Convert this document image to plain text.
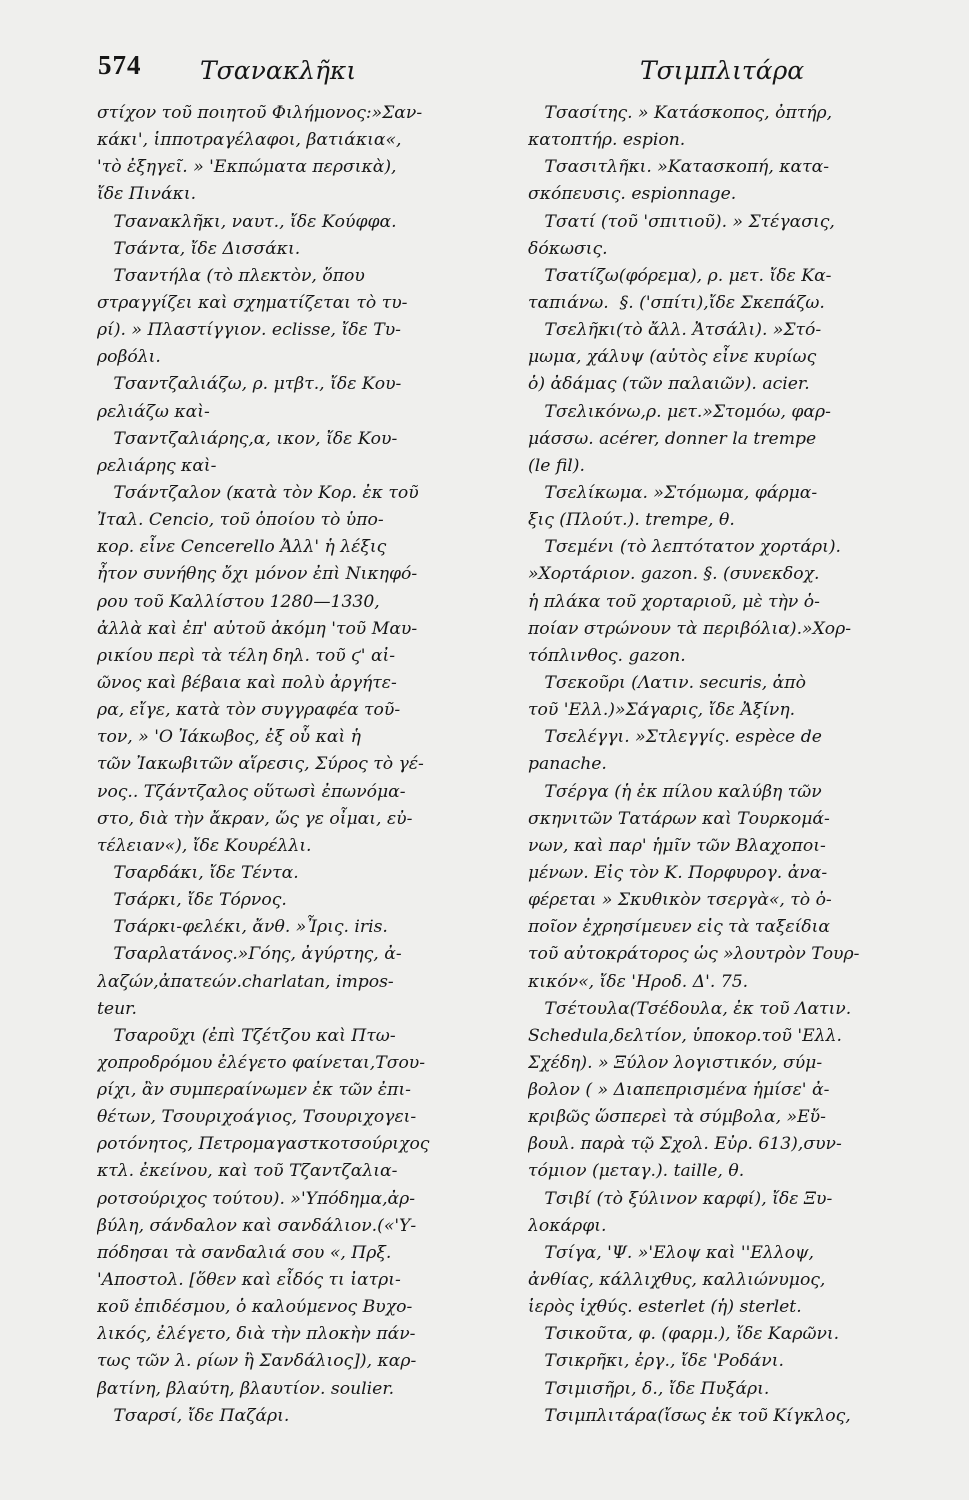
574 Τσανακλῆκι	Τσιμπλιτάρα
στίχον τοῦ ποιητοῦ Φιλήμονος:»Σαν-
κάκι', ἱπποτραγέλαφοι, βατιάκια«,
'τὸ ἐξηγεῖ. » 'Εκπώματα περσικὰ),
ἴδε Πινάκι.
Τσανακλῆκι, ναυτ., ἴδε Κούφφα.
Τσάντα, ἴδε Δισσάκι.
Τσαντήλα (τὸ πλεκτὸν, ὅπου
στραγγίζει καὶ σχηματίζεται τὸ τυ-
ρί). » Πλαστίγγιον. eclisse, ἴδε Τυ-
ροβόλι.
Τσαντζαλιάζω, ρ. μτβτ., ἴδε Κου-
ρελιάζω καὶ-
Τσαντζαλιάρης,α, ικον, ἴδε Κου-
ρελιάρης καὶ-
Τσάντζαλον (κατὰ τὸν Κορ. ἐκ τοῦ
Ἰταλ. Cencio, τοῦ ὁποίου τὸ ὑπο-
κορ. εἶνε Cencerello Ἀλλ' ἡ λέξις
ἦτον συνήθης ὄχι μόνον ἐπὶ Νικηφό-
ρου τοῦ Καλλίστου 1280—1330,
ἀλλὰ καὶ ἐπ' αὐτοῦ ἀκόμη 'τοῦ Μαυ-
ρικίου περὶ τὰ τέλη δηλ. τοῦ ϛ' αἰ-
ῶνος καὶ βέβαια καὶ πολὺ ἀργήτε-
ρα, εἴγε, κατὰ τὸν συγγραφέα τοῦ-
τον, » 'Ο Ἰάκωβος, ἐξ οὗ καὶ ἡ
τῶν Ἰακωβιτῶν αἵρεσις, Σύρος τὸ γέ-
νος.. Τζάντζαλος οὕτωσὶ ἐπωνόμα-
στο, διὰ τὴν ἄκραν, ὥς γε οἶμαι, εὐ-
τέλειαν«), ἴδε Κουρέλλι.
Τσαρδάκι, ἴδε Τέντα.
Τσάρκι, ἴδε Τόρνος.
Τσάρκι-φελέκι, ἄνθ. »Ἶρις. iris.
Τσαρλατάνος.»Γόης, ἀγύρτης, ἀ-
λαζών,ἀπατεών.charlatan, impos-
teur.
Τσαροῦχι (ἐπὶ Τζέτζου καὶ Πτω-
χοπροδρόμου ἐλέγετο φαίνεται,Τσου-
ρίχι, ἂν συμπεραίνωμεν ἐκ τῶν ἐπι-
θέτων, Τσουριχοάγιος, Τσουριχογει-
ροτόνητος, Πετρομαγαστκοτσούριχος
κτλ. ἐκείνου, καὶ τοῦ Τζαντζαλια-
ροτσούριχος τούτου). »'Υπόδημα,ἀρ-
βύλη, σάνδαλον καὶ σανδάλιον.(«'Υ-
πόδησαι τὰ σανδαλιά σου «, Πρξ.
'Αποστολ. [ὅθεν καὶ εἶδός τι ἰατρι-
κοῦ ἐπιδέσμου, ὁ καλούμενος Βυχο-
λικός, ἐλέγετο, διὰ τὴν πλοκὴν πάν-
τως τῶν λ. ρίων ἢ Σανδάλιος]), καρ-
βατίνη, βλαύτη, βλαυτίον. soulier.
Τσαρσί, ἴδε Παζάρι.
Τσασίτης. » Κατάσκοπος, ὀπτήρ,
κατοπτήρ. espion.
Τσασιτλῆκι. »Κατασκοπή, κατα-
σκόπευσις. espionnage.
Τσατί (τοῦ 'σπιτιοῦ). » Στέγασις,
δόκωσις.
Τσατίζω(φόρεμα), ρ. μετ. ἴδε Κα-
ταπιάνω.  §. ('σπίτι),ἴδε Σκεπάζω.
Τσελῆκι(τὸ ἄλλ. Ἀτσάλι). »Στό-
μωμα, χάλυψ (αὐτὸς εἶνε κυρίως
ὁ) ἀδάμας (τῶν παλαιῶν). acier.
Τσελικόνω,ρ. μετ.»Στομόω, φαρ-
μάσσω. acérer, donner la trempe
(le fil).
Τσελίκωμα. »Στόμωμα, φάρμα-
ξις (Πλούτ.). trempe, θ.
Τσεμένι (τὸ λεπτότατον χορτάρι).
»Χορτάριον. gazon. §. (συνεκδοχ.
ἡ πλάκα τοῦ χορταριοῦ, μὲ τὴν ὁ-
ποίαν στρώνουν τὰ περιβόλια).»Χορ-
τόπλινθος. gazon.
Τσεκοῦρι (Λατιν. securis, ἀπὸ
τοῦ 'Ελλ.)»Σάγαρις, ἴδε Ἀξίνη.
Τσελέγγι. »Στλεγγίς. espèce de
panache.
Τσέργα (ἡ ἐκ πίλου καλύβη τῶν
σκηνιτῶν Τατάρων καὶ Τουρκομά-
νων, καὶ παρ' ἡμῖν τῶν Βλαχοποι-
μένων. Εἰς τὸν Κ. Πορφυρογ. ἀνα-
φέρεται » Σκυθικὸν τσεργὰ«, τὸ ὁ-
ποῖον ἐχρησίμευεν εἰς τὰ ταξείδια
τοῦ αὐτοκράτορος ὡς »λουτρὸν Τουρ-
κικόν«, ἴδε 'Ηροδ. Δ'. 75.
Τσέτουλα(Τσέδουλα, ἐκ τοῦ Λατιν.
Schedula,δελτίον, ὑποκορ.τοῦ 'Ελλ.
Σχέδη). » Ξύλον λογιστικόν, σύμ-
βολον ( » Διαπεπρισμένα ἡμίσε' ἀ-
κριβῶς ὥσπερεὶ τὰ σύμβολα, »Εὔ-
βουλ. παρὰ τῷ Σχολ. Εὐρ. 613),συν-
τόμιον (μεταγ.). taille, θ.
Τσιβί (τὸ ξύλινον καρφί), ἴδε Ξυ-
λοκάρφι.
Τσίγα, 'Ψ. »'Ελοψ καὶ ''Ελλοψ,
ἀνθίας, κάλλιχθυς, καλλιώνυμος,
ἱερὸς ἰχθύς. esterlet (ἡ) sterlet.
Τσικοῦτα, φ. (φαρμ.), ἴδε Καρῶνι.
Τσικρῆκι, ἐργ., ἴδε 'Ροδάνι.
Τσιμισῆρι, δ., ἴδε Πυξάρι.
Τσιμπλιτάρα(ἴσως ἐκ τοῦ Κίγκλος,
